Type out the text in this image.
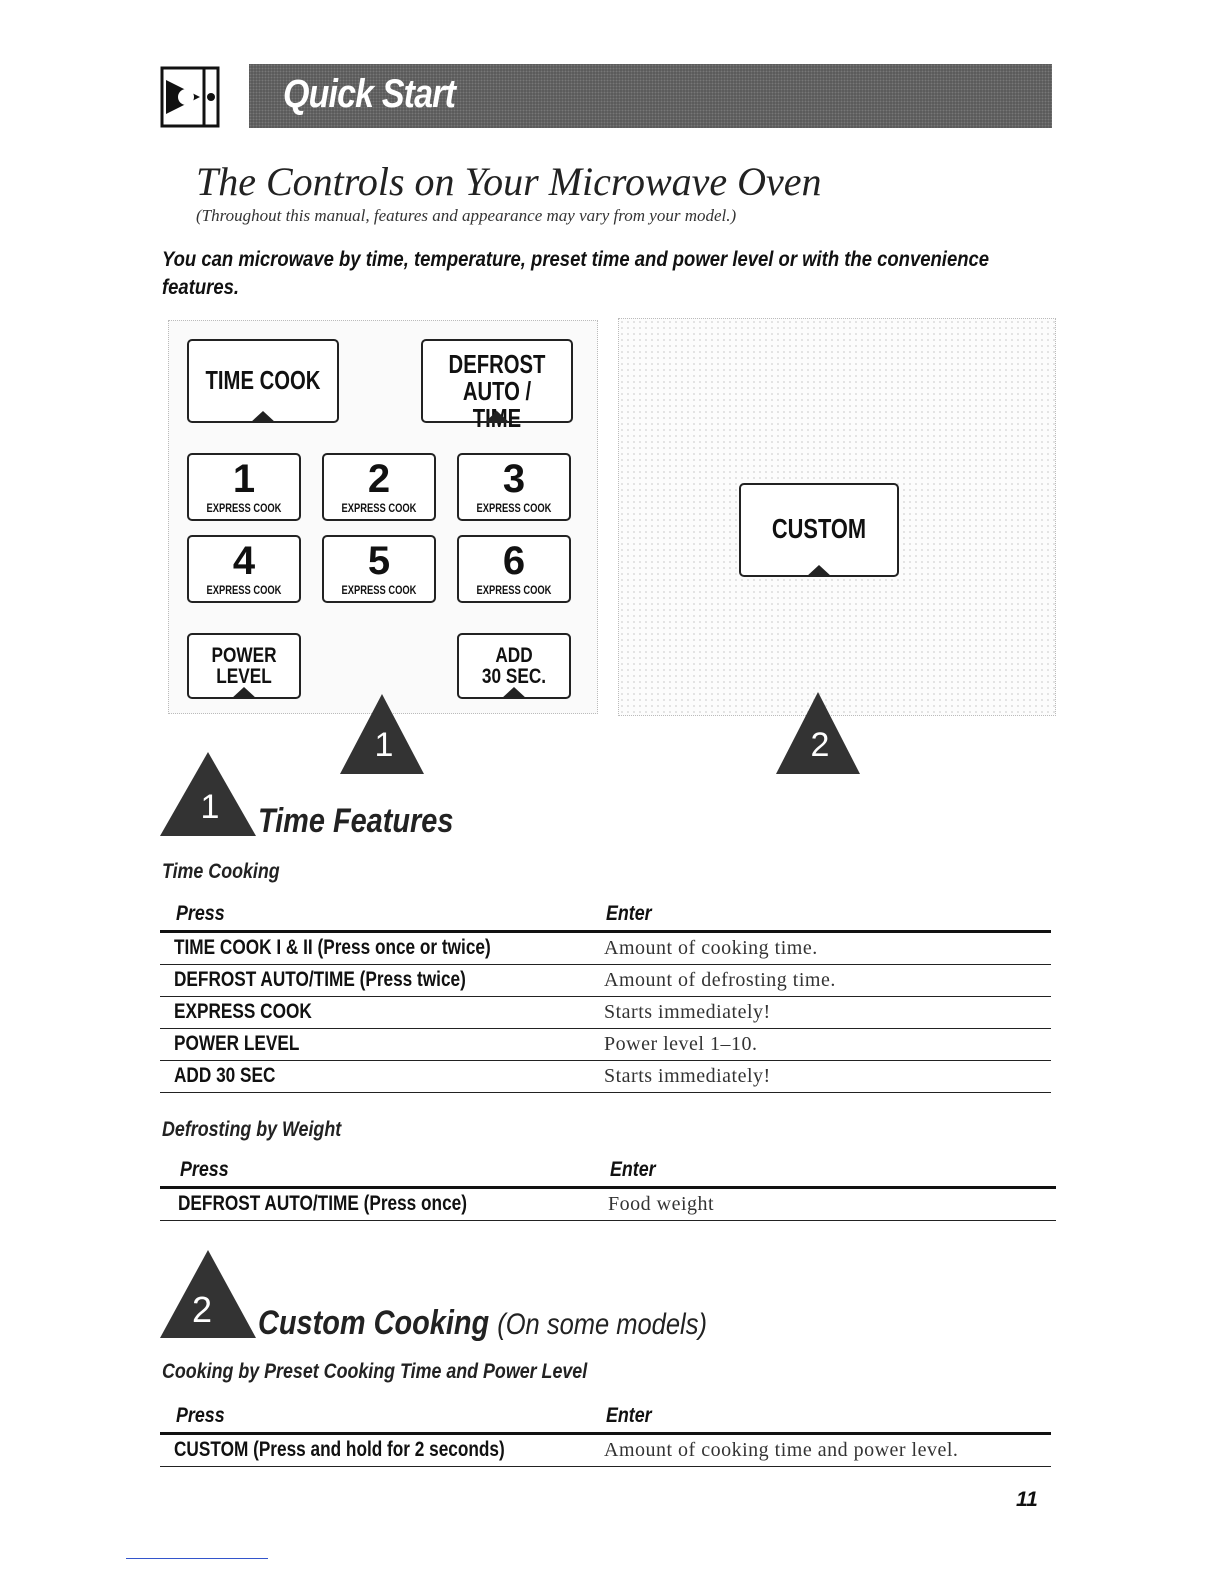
Quick Start
The Controls on Your Microwave Oven
(Throughout this manual, features and appearance may vary from your model.)
You can microwave by time, temperature, preset time and power level or with the convenience features.
TIME COOK
DEFROST
AUTO / TIME
1
EXPRESS COOK
2
EXPRESS COOK
3
EXPRESS COOK
4
EXPRESS COOK
5
EXPRESS COOK
6
EXPRESS COOK
POWER
LEVEL
ADD
30 SEC.
CUSTOM
1	2
1 Time Features
Time Cooking
Press	Enter
TIME COOK I & II (Press once or twice)	Amount of cooking time.
DEFROST AUTO/TIME (Press twice)	Amount of defrosting time.
EXPRESS COOK	Starts immediately!
POWER LEVEL	Power level 1–10.
ADD 30 SEC	Starts immediately!
Defrosting by Weight
Press	Enter
DEFROST AUTO/TIME (Press once)	Food weight
2 Custom Cooking (On some models)
Cooking by Preset Cooking Time and Power Level
Press	Enter
CUSTOM (Press and hold for 2 seconds)	Amount of cooking time and power level.
11
